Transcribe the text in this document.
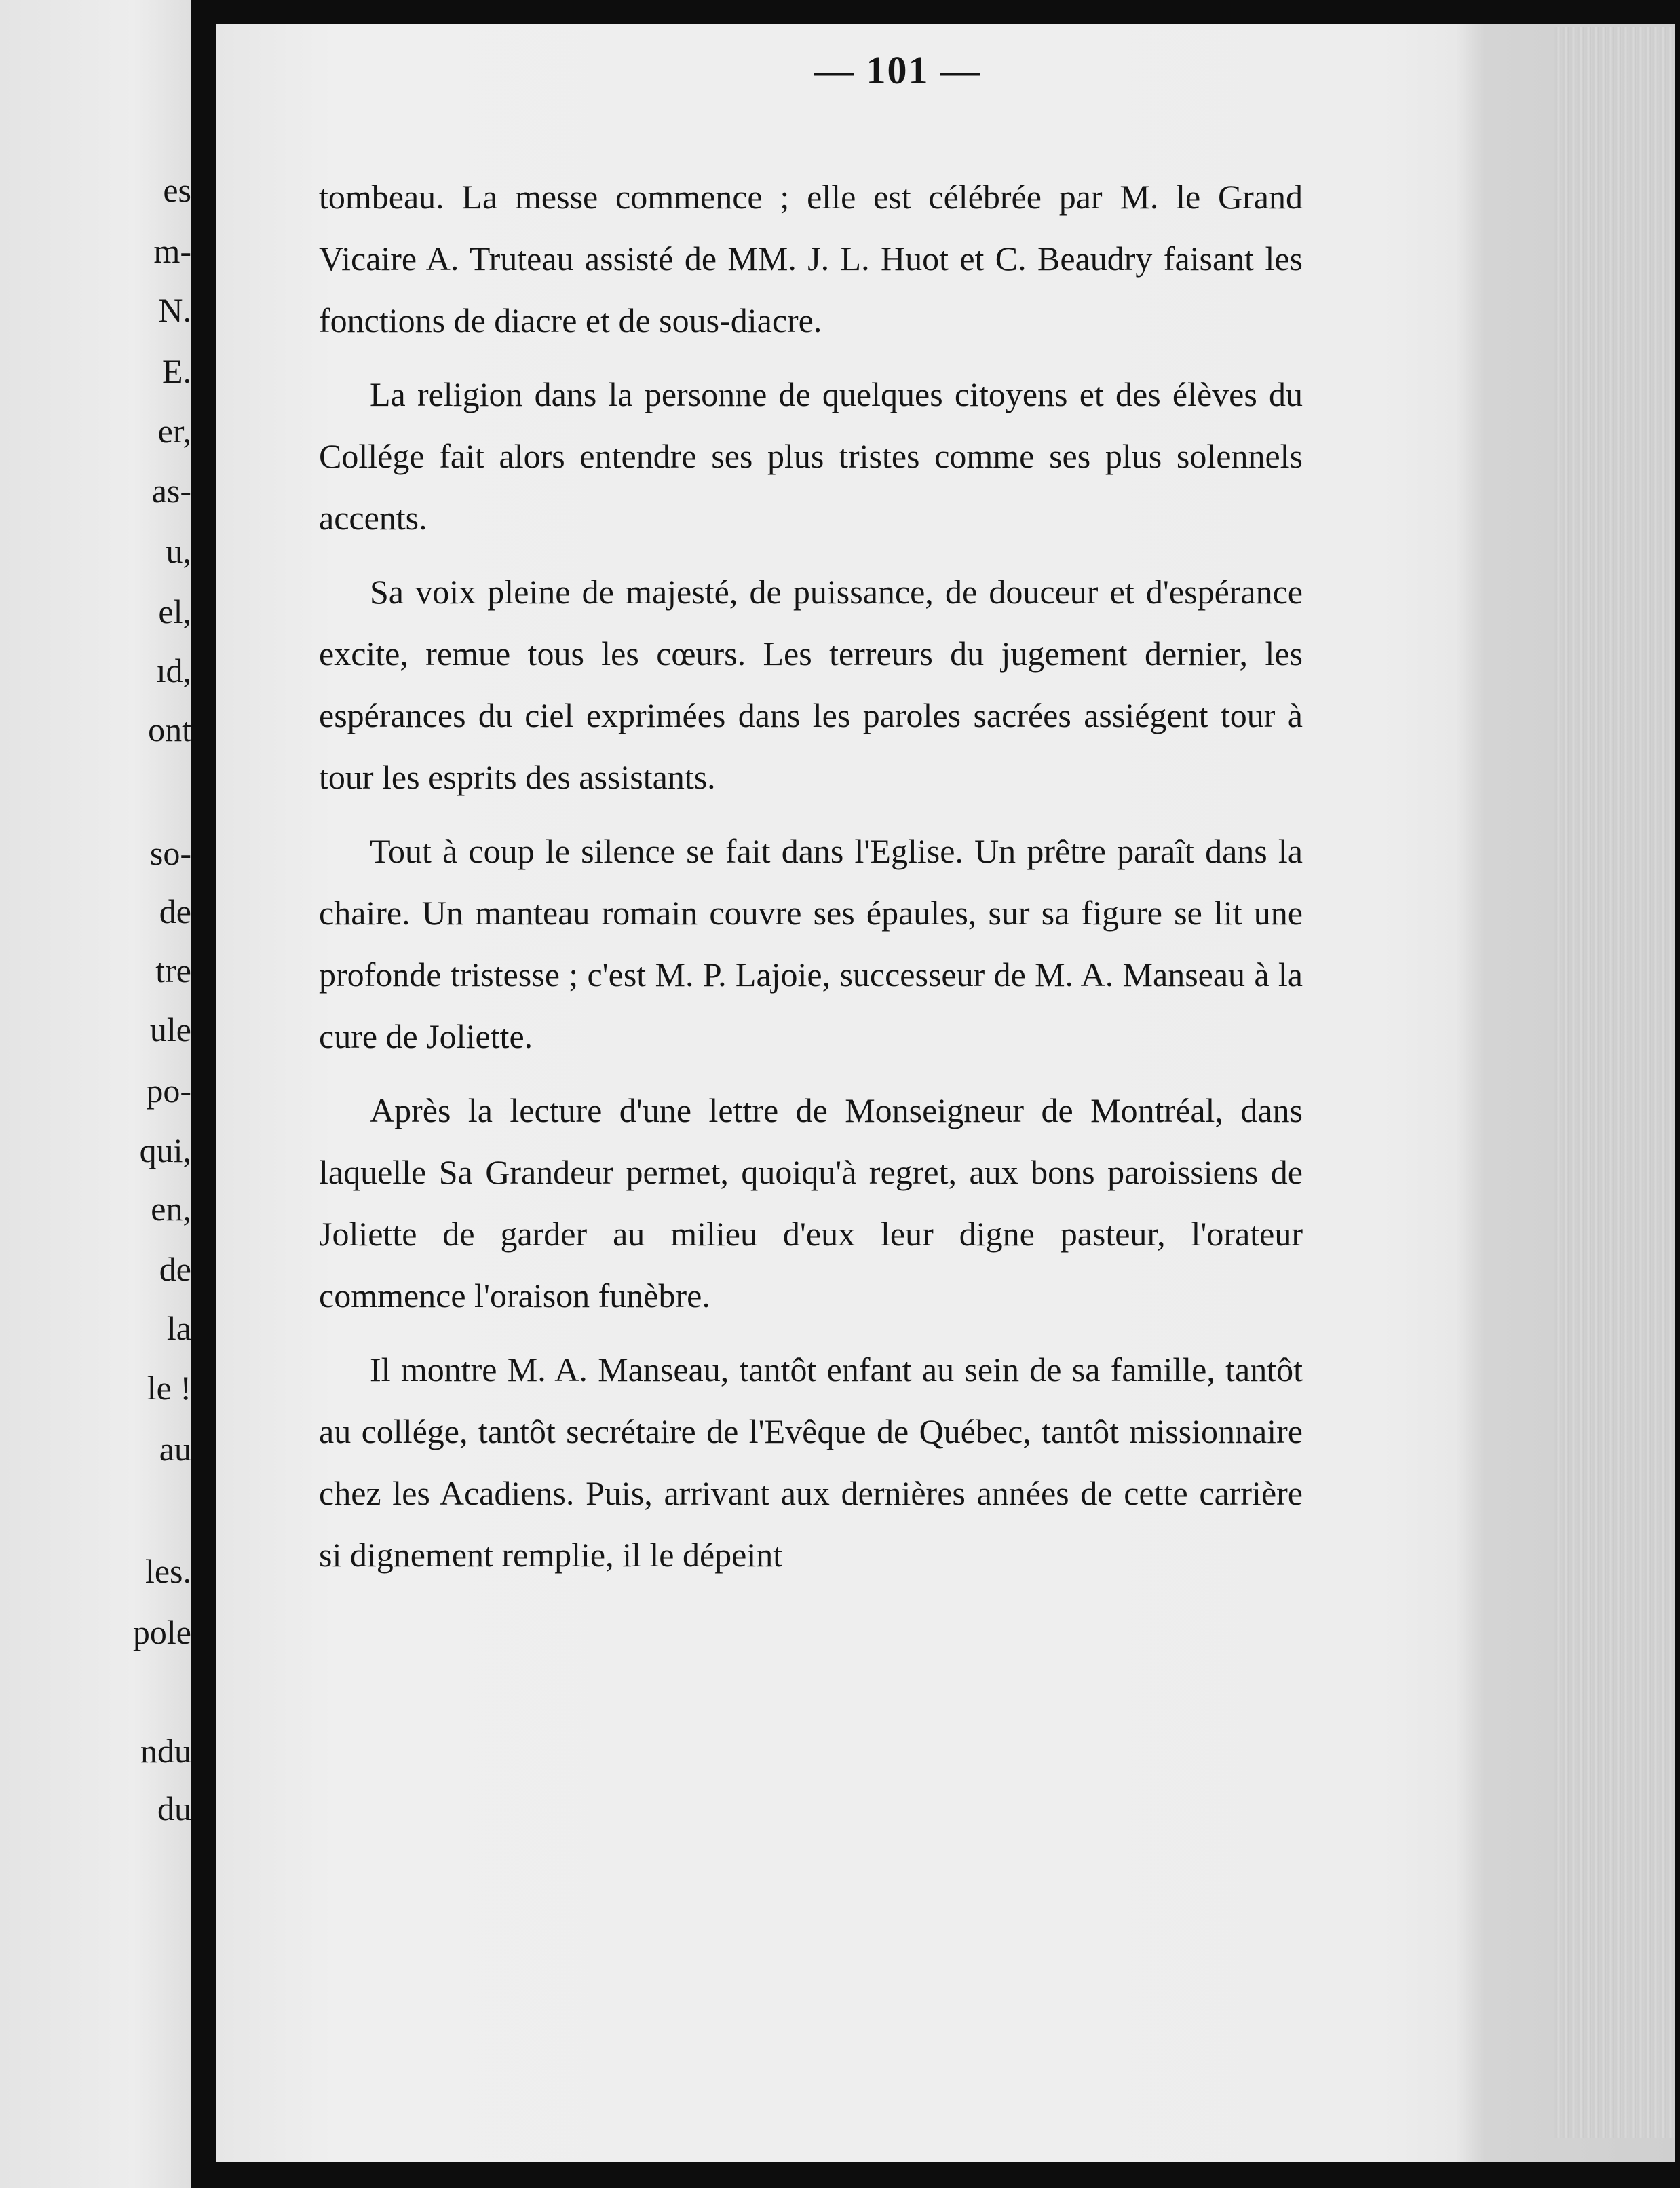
es
m-
N.
E.
er,
as-
u,
el,
ıd,
ont
so-
de
tre
ule
po-
qui,
en,
de
la
le !
au
les.
pole
ndu
du
— 101 —

tombeau. La messe commence ; elle est célébrée par M. le Grand Vicaire A. Truteau assisté de MM. J. L. Huot et C. Beaudry faisant les fonctions de diacre et de sous-diacre.

La religion dans la personne de quelques citoyens et des élèves du Collége fait alors entendre ses plus tristes comme ses plus solennels accents.

Sa voix pleine de majesté, de puissance, de douceur et d'espérance excite, remue tous les cœurs. Les terreurs du jugement dernier, les espérances du ciel exprimées dans les paroles sacrées assiégent tour à tour les esprits des assistants.

Tout à coup le silence se fait dans l'Eglise. Un prêtre paraît dans la chaire. Un manteau romain couvre ses épaules, sur sa figure se lit une profonde tristesse ; c'est M. P. Lajoie, successeur de M. A. Manseau à la cure de Joliette.

Après la lecture d'une lettre de Monseigneur de Montréal, dans laquelle Sa Grandeur permet, quoiqu'à regret, aux bons paroissiens de Joliette de garder au milieu d'eux leur digne pasteur, l'orateur commence l'oraison funèbre.

Il montre M. A. Manseau, tantôt enfant au sein de sa famille, tantôt au collége, tantôt secrétaire de l'Evêque de Québec, tantôt missionnaire chez les Acadiens. Puis, arrivant aux dernières années de cette carrière si dignement remplie, il le dépeint
